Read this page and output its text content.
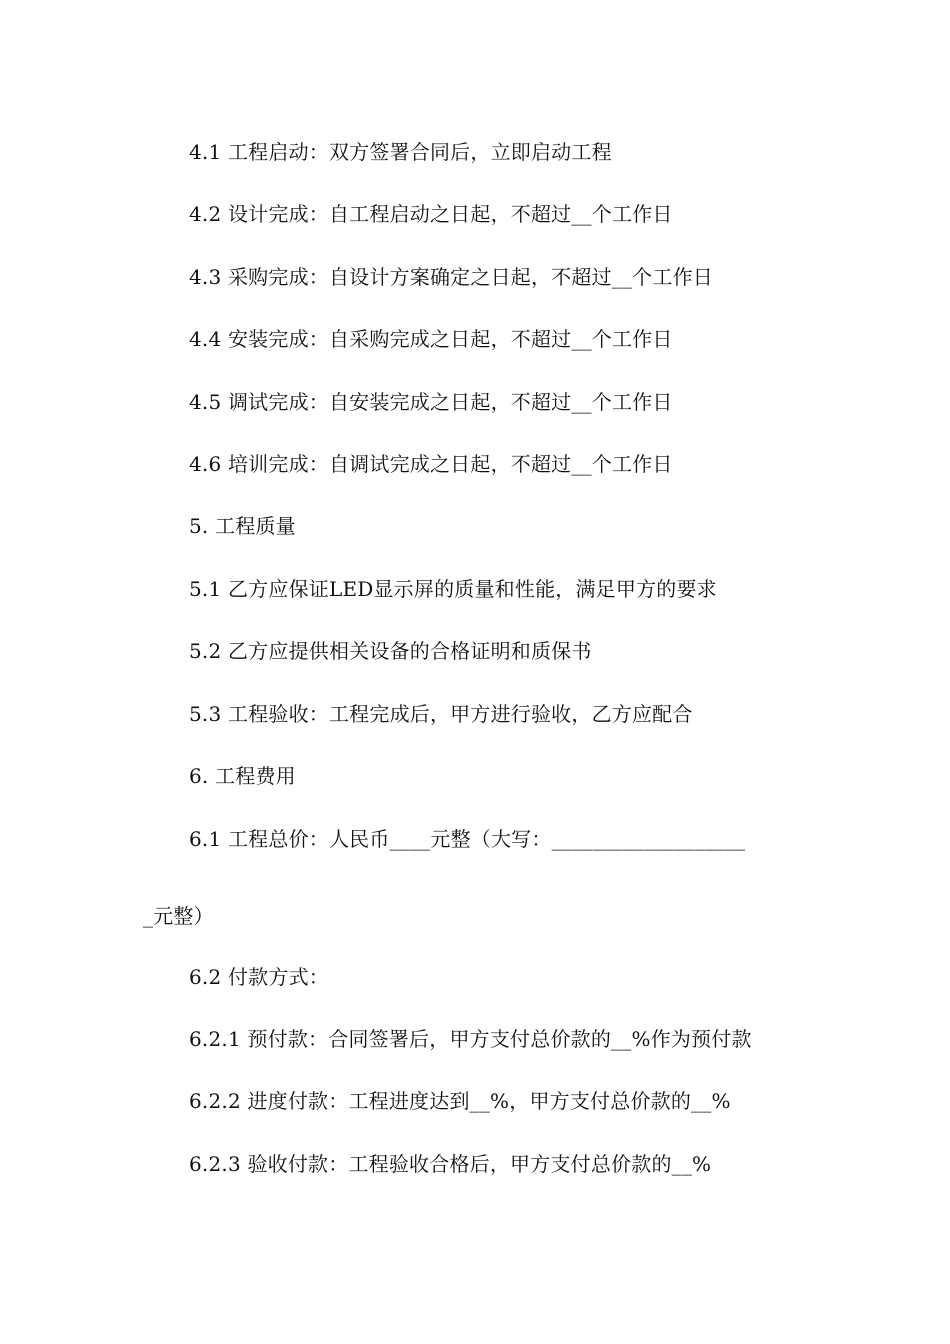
4.1 工程启动：双方签署合同后，立即启动工程
4.2 设计完成：自工程启动之日起，不超过__个工作日
4.3 采购完成：自设计方案确定之日起，不超过__个工作日
4.4 安装完成：自采购完成之日起，不超过__个工作日
4.5 调试完成：自安装完成之日起，不超过__个工作日
4.6 培训完成：自调试完成之日起，不超过__个工作日
5. 工程质量
5.1 乙方应保证LED显示屏的质量和性能，满足甲方的要求
5.2 乙方应提供相关设备的合格证明和质保书
5.3 工程验收：工程完成后，甲方进行验收，乙方应配合
6. 工程费用
6.1 工程总价：人民币____元整（大写：___________________
_元整）
6.2 付款方式：
6.2.1 预付款：合同签署后，甲方支付总价款的__%作为预付款
6.2.2 进度付款：工程进度达到__%，甲方支付总价款的__%
6.2.3 验收付款：工程验收合格后，甲方支付总价款的__%
